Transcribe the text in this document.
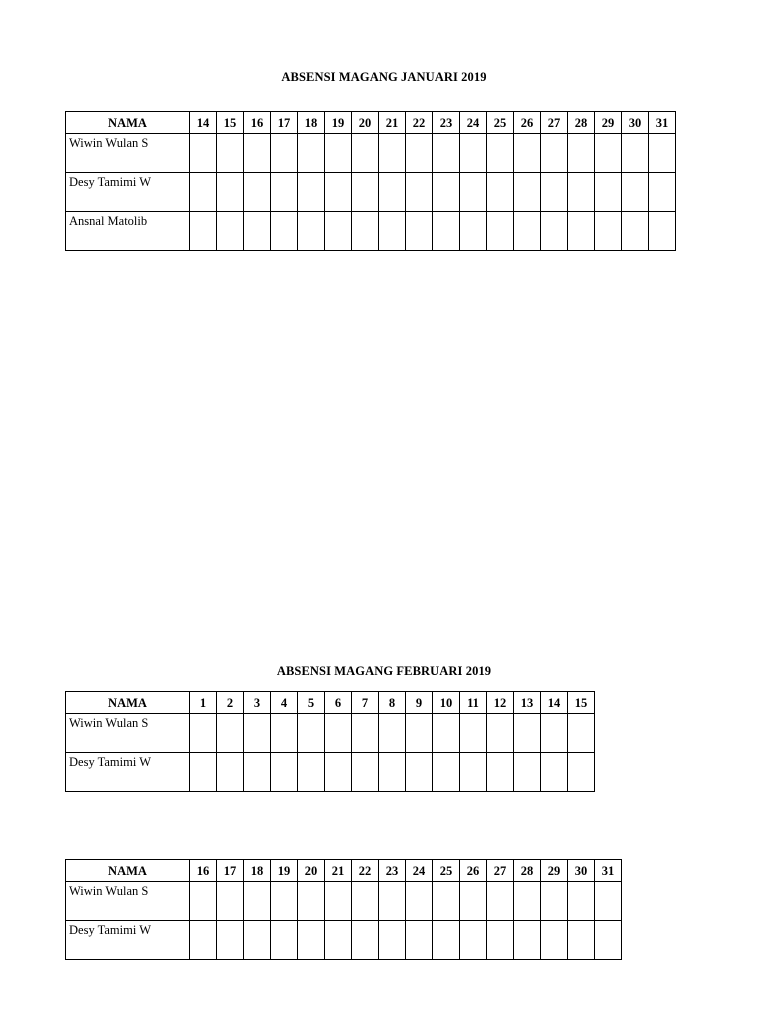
ABSENSI MAGANG JANUARI 2019
NAMA	14	15	16	17	18	19	20	21	22	23	24	25	26	27	28	29	30	31
Wiwin Wulan S																		
Desy Tamimi W																		
Ansnal Matolib																		
ABSENSI MAGANG FEBRUARI 2019
NAMA	1	2	3	4	5	6	7	8	9	10	11	12	13	14	15
Wiwin Wulan S															
Desy Tamimi W															
NAMA	16	17	18	19	20	21	22	23	24	25	26	27	28	29	30	31
Wiwin Wulan S																
Desy Tamimi W																
